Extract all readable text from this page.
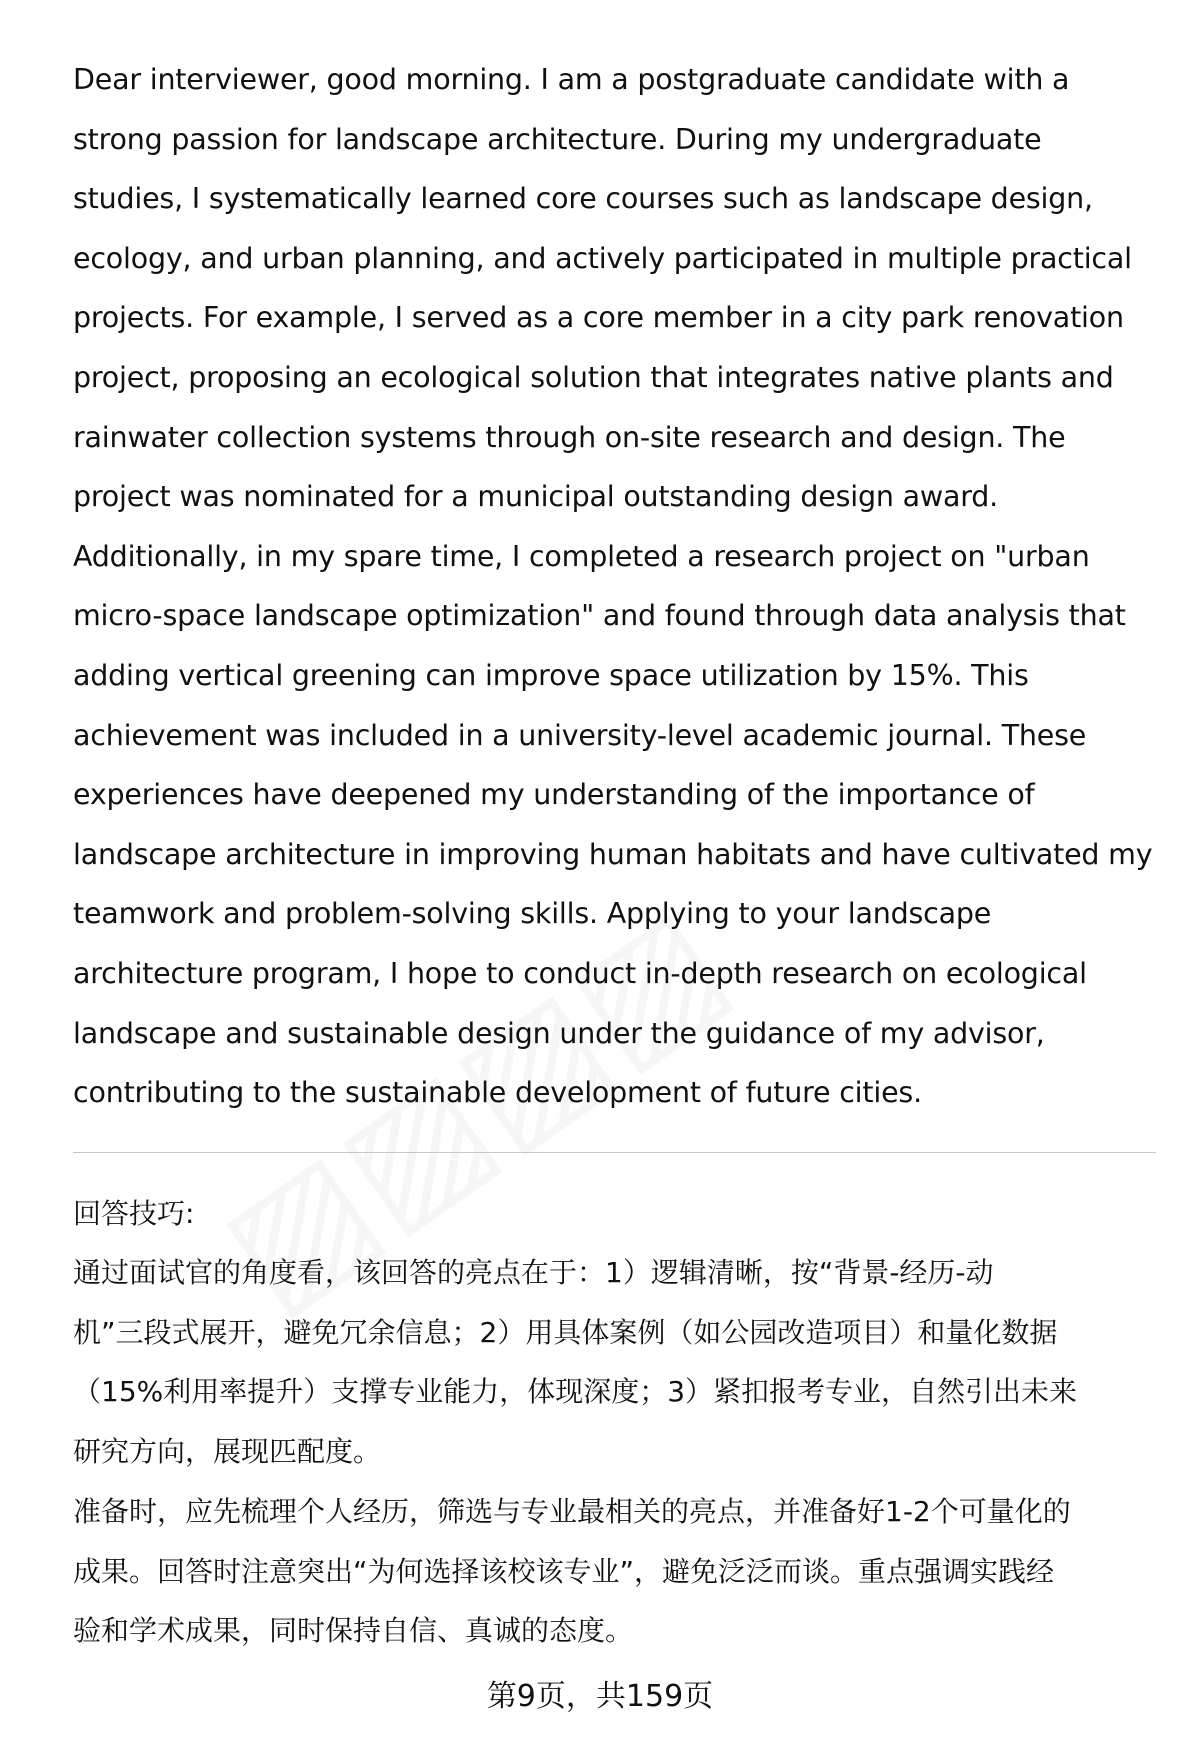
Dear interviewer, good morning. I am a postgraduate candidate with a
strong passion for landscape architecture. During my undergraduate
studies, I systematically learned core courses such as landscape design,
ecology, and urban planning, and actively participated in multiple practical
projects. For example, I served as a core member in a city park renovation
project, proposing an ecological solution that integrates native plants and
rainwater collection systems through on-site research and design. The
project was nominated for a municipal outstanding design award.
Additionally, in my spare time, I completed a research project on "urban
micro-space landscape optimization" and found through data analysis that
adding vertical greening can improve space utilization by 15%. This
achievement was included in a university-level academic journal. These
experiences have deepened my understanding of the importance of
landscape architecture in improving human habitats and have cultivated my
teamwork and problem-solving skills. Applying to your landscape
architecture program, I hope to conduct in-depth research on ecological
landscape and sustainable design under the guidance of my advisor,
contributing to the sustainable development of future cities.
回答技巧:
通过面试官的角度看，该回答的亮点在于：1）逻辑清晰，按“背景-经历-动
机”三段式展开，避免冗余信息；2）用具体案例（如公园改造项目）和量化数据
（15%利用率提升）支撑专业能力，体现深度；3）紧扣报考专业，自然引出未来
研究方向，展现匹配度。
准备时，应先梳理个人经历，筛选与专业最相关的亮点，并准备好1-2个可量化的
成果。回答时注意突出“为何选择该校该专业”，避免泛泛而谈。重点强调实践经
验和学术成果，同时保持自信、真诚的态度。
第9页，共159页
